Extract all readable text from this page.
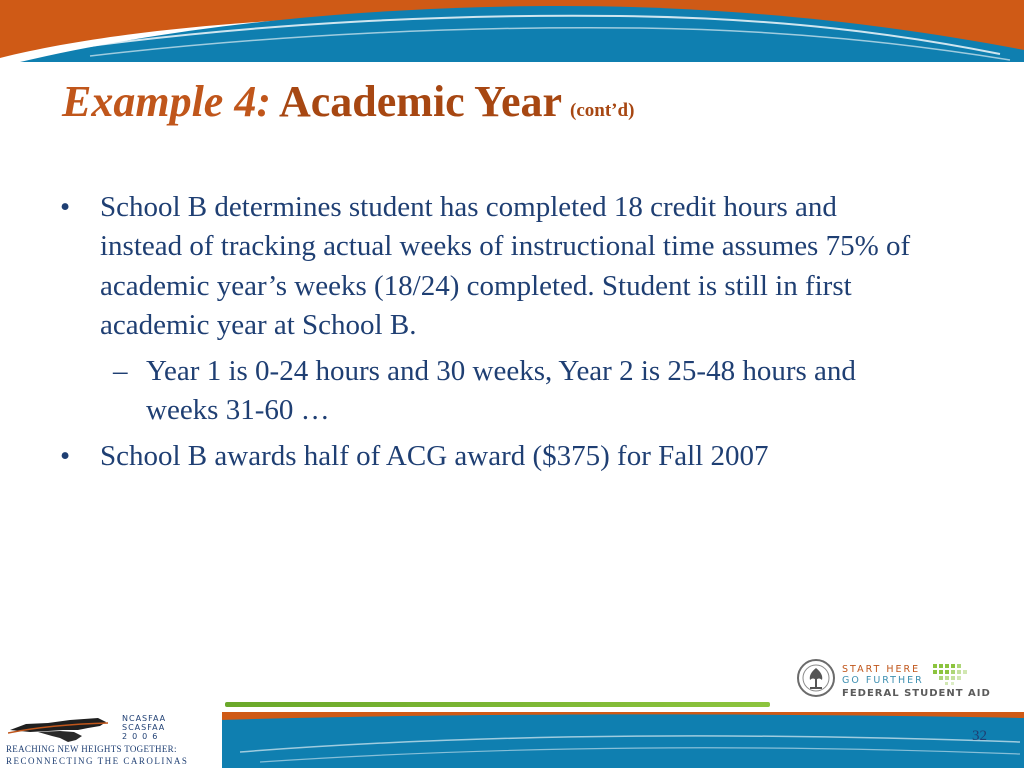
Example 4: Academic Year (cont’d)
• School B determines student has completed 18 credit hours and instead of tracking actual weeks of instructional time assumes 75% of academic year’s weeks (18/24) completed. Student is still in first academic year at School B.
– Year 1 is 0-24 hours and 30 weeks, Year 2 is 25-48 hours and weeks 31-60 …
• School B awards half of ACG award ($375) for Fall 2007
START HERE
GO FURTHER
FEDERAL STUDENT AID
32
NCASFAA
SCASFAA
2006
REACHING NEW HEIGHTS TOGETHER:
RECONNECTING THE CAROLINAS
